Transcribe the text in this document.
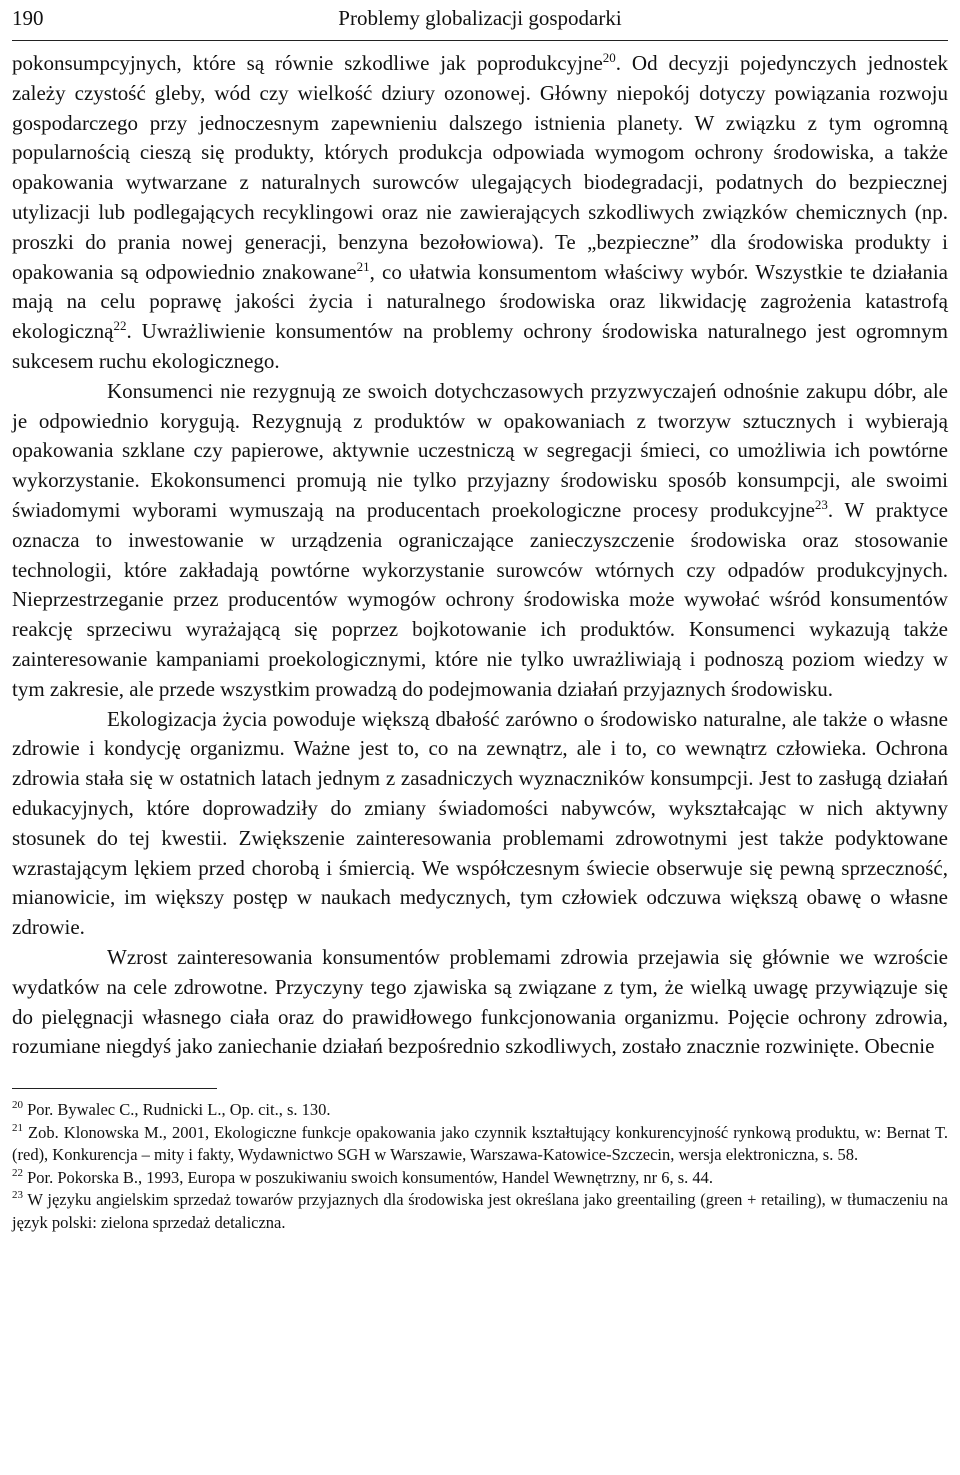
190	Problemy globalizacji gospodarki

pokonsumpcyjnych, które są równie szkodliwe jak poprodukcyjne$^{20}$. Od decyzji pojedynczych jednostek zależy czystość gleby, wód czy wielkość dziury ozonowej. Główny niepokój dotyczy powiązania rozwoju gospodarczego przy jednoczesnym zapewnieniu dalszego istnienia planety. W związku z tym ogromną popularnością cieszą się produkty, których produkcja odpowiada wymogom ochrony środowiska, a także opakowania wytwarzane z naturalnych surowców ulegających biodegradacji, podatnych do bezpiecznej utylizacji lub podlegających recyklingowi oraz nie zawierających szkodliwych związków chemicznych (np. proszki do prania nowej generacji, benzyna bezołowiowa). Te „bezpieczne” dla środowiska produkty i opakowania są odpowiednio znakowane$^{21}$, co ułatwia konsumentom właściwy wybór. Wszystkie te działania mają na celu poprawę jakości życia i naturalnego środowiska oraz likwidację zagrożenia katastrofą ekologiczną$^{22}$. Uwrażliwienie konsumentów na problemy ochrony środowiska naturalnego jest ogromnym sukcesem ruchu ekologicznego.

Konsumenci nie rezygnują ze swoich dotychczasowych przyzwyczajeń odnośnie zakupu dóbr, ale je odpowiednio korygują. Rezygnują z produktów w opakowaniach z tworzyw sztucznych i wybierają opakowania szklane czy papierowe, aktywnie uczestniczą w segregacji śmieci, co umożliwia ich powtórne wykorzystanie. Ekokonsumenci promują nie tylko przyjazny środowisku sposób konsumpcji, ale swoimi świadomymi wyborami wymuszają na producentach proekologiczne procesy produkcyjne$^{23}$. W praktyce oznacza to inwestowanie w urządzenia ograniczające zanieczyszczenie środowiska oraz stosowanie technologii, które zakładają powtórne wykorzystanie surowców wtórnych czy odpadów produkcyjnych. Nieprzestrzeganie przez producentów wymogów ochrony środowiska może wywołać wśród konsumentów reakcję sprzeciwu wyrażającą się poprzez bojkotowanie ich produktów. Konsumenci wykazują także zainteresowanie kampaniami proekologicznymi, które nie tylko uwrażliwiają i podnoszą poziom wiedzy w tym zakresie, ale przede wszystkim prowadzą do podejmowania działań przyjaznych środowisku.

Ekologizacja życia powoduje większą dbałość zarówno o środowisko naturalne, ale także o własne zdrowie i kondycję organizmu. Ważne jest to, co na zewnątrz, ale i to, co wewnątrz człowieka. Ochrona zdrowia stała się w ostatnich latach jednym z zasadniczych wyznaczników konsumpcji. Jest to zasługą działań edukacyjnych, które doprowadziły do zmiany świadomości nabywców, wykształcając w nich aktywny stosunek do tej kwestii. Zwiększenie zainteresowania problemami zdrowotnymi jest także podyktowane wzrastającym lękiem przed chorobą i śmiercią. We współczesnym świecie obserwuje się pewną sprzeczność, mianowicie, im większy postęp w naukach medycznych, tym człowiek odczuwa większą obawę o własne zdrowie.

Wzrost zainteresowania konsumentów problemami zdrowia przejawia się głównie we wzroście wydatków na cele zdrowotne. Przyczyny tego zjawiska są związane z tym, że wielką uwagę przywiązuje się do pielęgnacji własnego ciała oraz do prawidłowego funkcjonowania organizmu. Pojęcie ochrony zdrowia, rozumiane niegdyś jako zaniechanie działań bezpośrednio szkodliwych, zostało znacznie rozwinięte. Obecnie

$^{20}$ Por. Bywalec C., Rudnicki L., Op. cit., s. 130.

$^{21}$ Zob. Klonowska M., 2001, Ekologiczne funkcje opakowania jako czynnik kształtujący konkurencyjność rynkową produktu, w: Bernat T. (red), Konkurencja – mity i fakty, Wydawnictwo SGH w Warszawie, Warszawa-Katowice-Szczecin, wersja elektroniczna, s. 58.

$^{22}$ Por. Pokorska B., 1993, Europa w poszukiwaniu swoich konsumentów, Handel Wewnętrzny, nr 6, s. 44.

$^{23}$ W języku angielskim sprzedaż towarów przyjaznych dla środowiska jest określana jako greentailing (green + retailing), w tłumaczeniu na język polski: zielona sprzedaż detaliczna.
